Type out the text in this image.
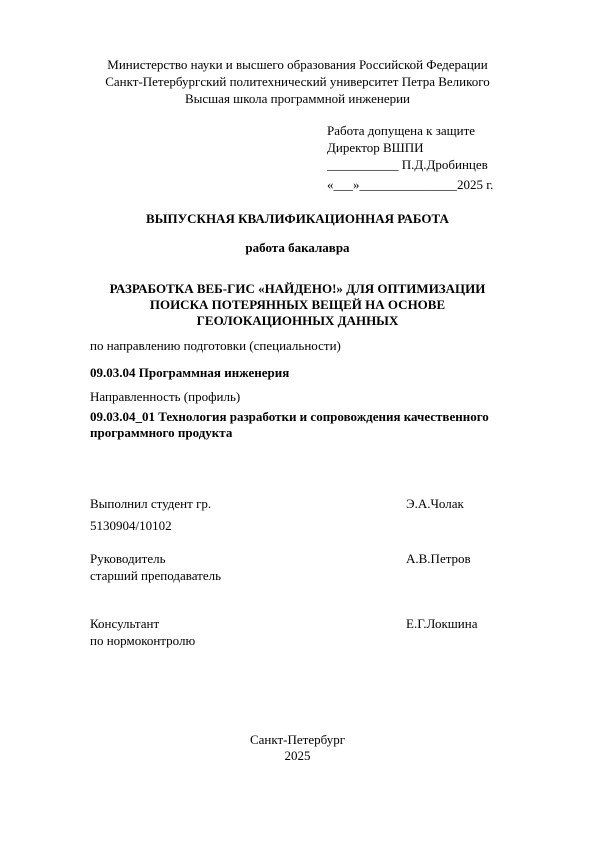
Министерство науки и высшего образования Российской Федерации
Санкт-Петербургский политехнический университет Петра Великого
Высшая школа программной инженерии
Работа допущена к защите
Директор ВШПИ
___________ П.Д.Дробинцев
«___»_______________2025 г.
ВЫПУСКНАЯ КВАЛИФИКАЦИОННАЯ РАБОТА
работа бакалавра
РАЗРАБОТКА ВЕБ-ГИС «НАЙДЕНО!» ДЛЯ ОПТИМИЗАЦИИ
ПОИСКА ПОТЕРЯННЫХ ВЕЩЕЙ НА ОСНОВЕ
ГЕОЛОКАЦИОННЫХ ДАННЫХ
по направлению подготовки (специальности)
09.03.04 Программная инженерия
Направленность (профиль)
09.03.04_01 Технология разработки и сопровождения качественного
программного продукта
Выполнил студент гр.	Э.А.Чолак
5130904/10102
Руководитель	А.В.Петров
старший преподаватель
Консультант	Е.Г.Локшина
по нормоконтролю
Санкт-Петербург
2025
